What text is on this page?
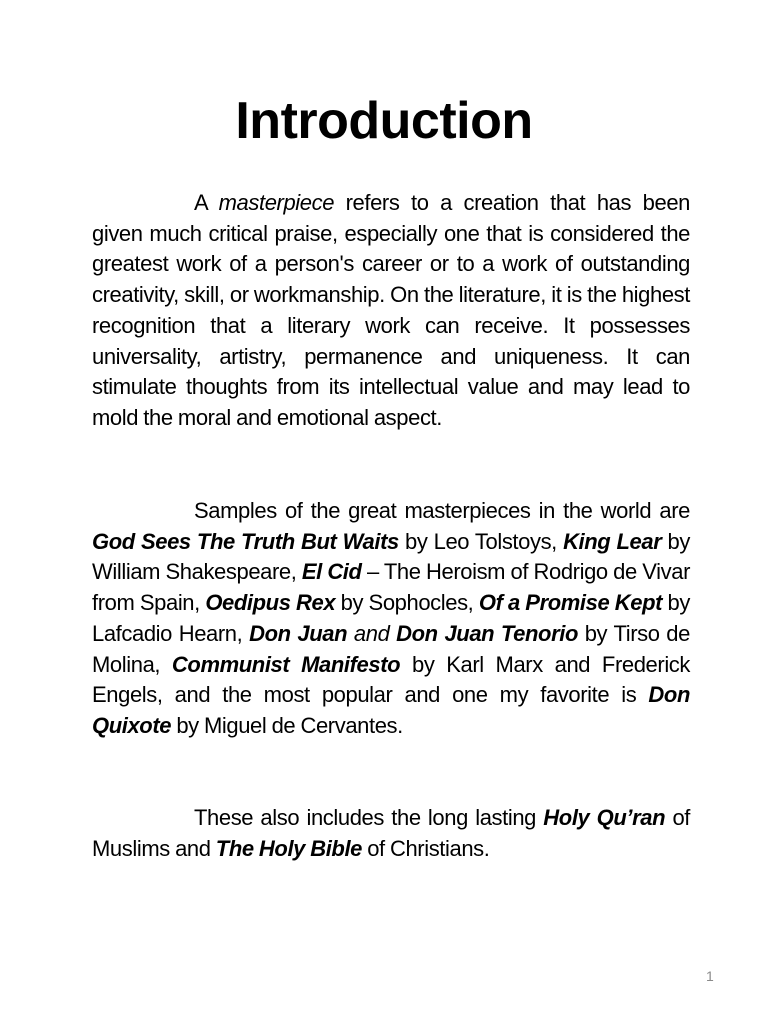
Introduction

A masterpiece refers to a creation that has been given much critical praise, especially one that is considered the greatest work of a person's career or to a work of outstanding creativity, skill, or workmanship. On the literature, it is the highest recognition that a literary work can receive. It possesses universality, artistry, permanence and uniqueness. It can stimulate thoughts from its intellectual value and may lead to mold the moral and emotional aspect.

Samples of the great masterpieces in the world are God Sees The Truth But Waits by Leo Tolstoys, King Lear by William Shakespeare, El Cid – The Heroism of Rodrigo de Vivar from Spain, Oedipus Rex by Sophocles, Of a Promise Kept by Lafcadio Hearn, Don Juan and Don Juan Tenorio by Tirso de Molina, Communist Manifesto by Karl Marx and Frederick Engels, and the most popular and one my favorite is Don Quixote by Miguel de Cervantes.

These also includes the long lasting Holy Qu’ran of Muslims and The Holy Bible of Christians.

1
